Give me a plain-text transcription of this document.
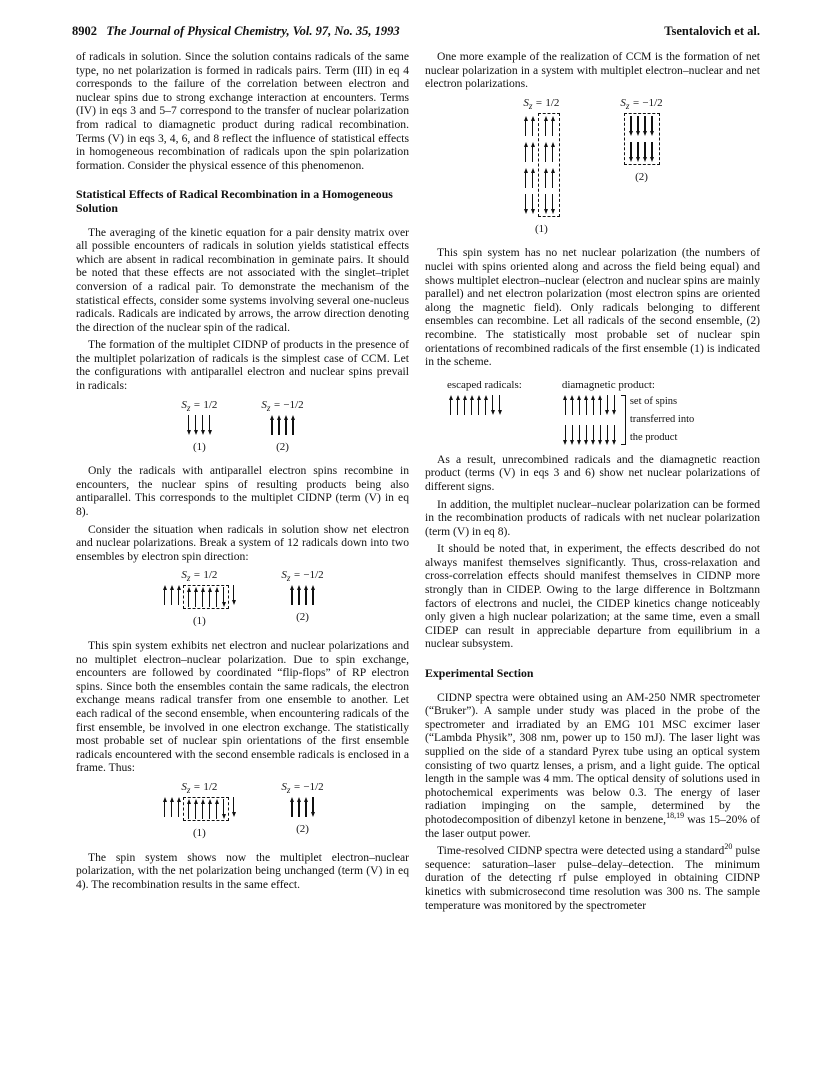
8902 The Journal of Physical Chemistry, Vol. 97, No. 35, 1993	Tsentalovich et al.

of radicals in solution. Since the solution contains radicals of the same type, no net polarization is formed in radicals pairs. Term (III) in eq 4 corresponds to the failure of the correlation between electron and nuclear spins due to strong exchange interaction at encounters. Terms (IV) in eqs 3 and 5–7 correspond to the transfer of nuclear polarization from radical to diamagnetic product during radical recombination. Terms (V) in eqs 3, 4, 6, and 8 reflect the influence of statistical effects in homogeneous recombination of radicals upon the spin polarization formation. Consider the physical essence of this phenomenon.

Statistical Effects of Radical Recombination in a Homogeneous Solution

The averaging of the kinetic equation for a pair density matrix over all possible encounters of radicals in solution yields statistical effects which are absent in radical recombination in geminate pairs. It should be noted that these effects are not associated with the singlet–triplet conversion of a radical pair. To demonstrate the mechanism of the statistical effects, consider some systems involving several one-nucleus radicals. Radicals are indicated by arrows, the arrow direction denoting the direction of the nuclear spin of the radical.

The formation of the multiplet CIDNP of products in the presence of the multiplet polarization of radicals is the simplest case of CCM. Let the configurations with antiparallel electron and nuclear spins prevail in radicals:

$S_z = 1/2$
(1)
$S_z = -1/2$
(2)

Only the radicals with antiparallel electron spins recombine in encounters, the nuclear spins of resulting products being also antiparallel. This corresponds to the multiplet CIDNP (term (V) in eq 8).

Consider the situation when radicals in solution show net electron and nuclear polarizations. Break a system of 12 radicals down into two ensembles by electron spin direction:

$S_z = 1/2$
(1)
$S_z = -1/2$
(2)

This spin system exhibits net electron and nuclear polarizations and no multiplet electron–nuclear polarization. Due to spin exchange, encounters are followed by coordinated “flip-flops” of RP electron spins. Since both the ensembles contain the same radicals, the electron exchange means radical transfer from one ensemble to another. Let each radical of the second ensemble, when encountering radicals of the first ensemble, be involved in one electron exchange. The statistically most probable set of nuclear spin orientations of the first ensemble radicals encountered with the second ensemble radicals is enclosed in a frame. Thus:

$S_z = 1/2$
(1)
$S_z = -1/2$
(2)

The spin system shows now the multiplet electron–nuclear polarization, with the net polarization being unchanged (term (V) in eq 4). The recombination results in the same effect.

One more example of the realization of CCM is the formation of net nuclear polarization in a system with multiplet electron–nuclear and net electron polarizations.

$S_z = 1/2$
(1)
$S_z = -1/2$
(2)

This spin system has no net nuclear polarization (the numbers of nuclei with spins oriented along and across the field being equal) and shows multiplet electron–nuclear (electron and nuclear spins are mainly parallel) and net electron polarization (most electron spins are oriented along the magnetic field). Only radicals belonging to different ensembles can recombine. Let all radicals of the second ensemble, (2) recombine. The statistically most probable set of nuclear spin orientations of recombined radicals of the first ensemble (1) is indicated in the scheme.

escaped radicals:	diamagnetic product:
set of spins
transferred into
the product

As a result, unrecombined radicals and the diamagnetic reaction product (terms (V) in eqs 3 and 6) show net nuclear polarizations of different signs.

In addition, the multiplet nuclear–nuclear polarization can be formed in the recombination products of radicals with net nuclear polarization (term (V) in eq 8).

It should be noted that, in experiment, the effects described do not always manifest themselves significantly. Thus, cross-relaxation and cross-correlation effects should manifest themselves in CIDNP more strongly than in CIDEP. Owing to the large difference in Boltzmann factors of electrons and nuclei, the CIDEP kinetics change noticeably only given a high nuclear polarization; at the same time, even a small CIDEP can result in appreciable departure from equilibrium in a nuclear subsystem.

Experimental Section

CIDNP spectra were obtained using an AM-250 NMR spectrometer (“Bruker”). A sample under study was placed in the probe of the spectrometer and irradiated by an EMG 101 MSC excimer laser (“Lambda Physik”, 308 nm, power up to 150 mJ). The laser light was supplied on the side of a standard Pyrex tube using an optical system consisting of two quartz lenses, a prism, and a light guide. The optical length in the sample was 4 mm. The optical density of solutions used in photochemical experiments was below 0.3. The energy of laser radiation impinging on the sample, determined by the photodecomposition of dibenzyl ketone in benzene,$^{18,19}$ was 15–20% of the laser output power.

Time-resolved CIDNP spectra were detected using a standard$^{20}$ pulse sequence: saturation–laser pulse–delay–detection. The minimum duration of the detecting rf pulse employed in obtaining CIDNP kinetics with submicrosecond time resolution was 300 ns. The sample temperature was monitored by the spectrometer
